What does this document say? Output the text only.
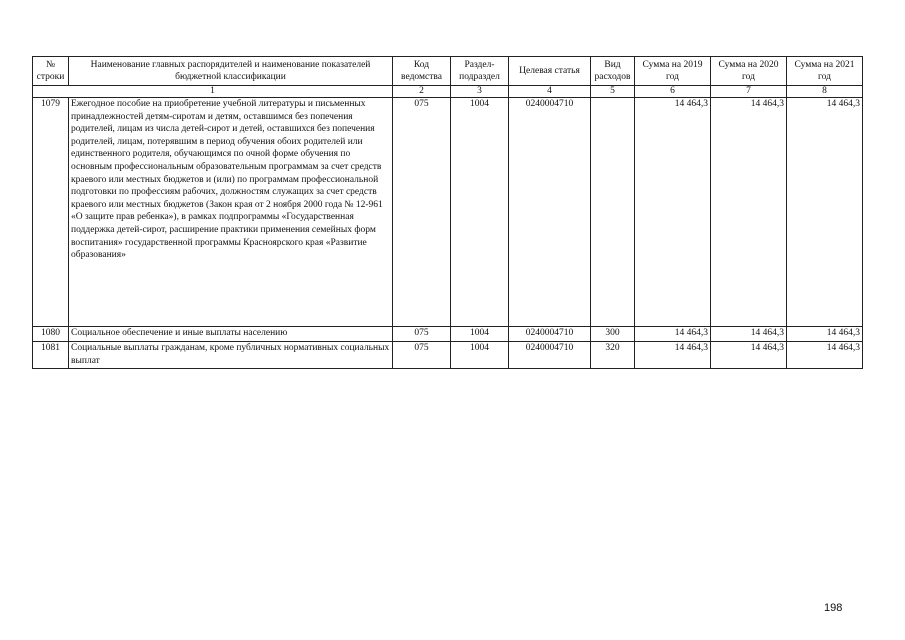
№ строки	Наименование главных распорядителей и наименование показателей бюджетной классификации	Код ведомства	Раздел-подраздел	Целевая статья	Вид расходов	Сумма на 2019 год	Сумма на 2020 год	Сумма на 2021 год
1		2	3	4	5	6	7	8
1079	Ежегодное пособие на приобретение учебной литературы и письменных принадлежностей детям-сиротам и детям, оставшимся без попечения родителей, лицам из числа детей-сирот и детей, оставшихся без попечения родителей, лицам, потерявшим в период обучения обоих родителей или единственного родителя, обучающимся по очной форме обучения по основным профессиональным образовательным программам за счет средств краевого или местных бюджетов и (или) по программам профессиональной подготовки по профессиям рабочих, должностям служащих за счет средств краевого или местных бюджетов (Закон края от 2 ноября 2000 года № 12-961 «О защите прав ребенка»), в рамках подпрограммы «Государственная поддержка детей-сирот, расширение практики применения семейных форм воспитания» государственной программы Красноярского края «Развитие образования»	075	1004	0240004710		14 464,3	14 464,3	14 464,3
1080	Социальное обеспечение и иные выплаты населению	075	1004	0240004710	300	14 464,3	14 464,3	14 464,3
1081	Социальные выплаты гражданам, кроме публичных нормативных социальных выплат	075	1004	0240004710	320	14 464,3	14 464,3	14 464,3
198
